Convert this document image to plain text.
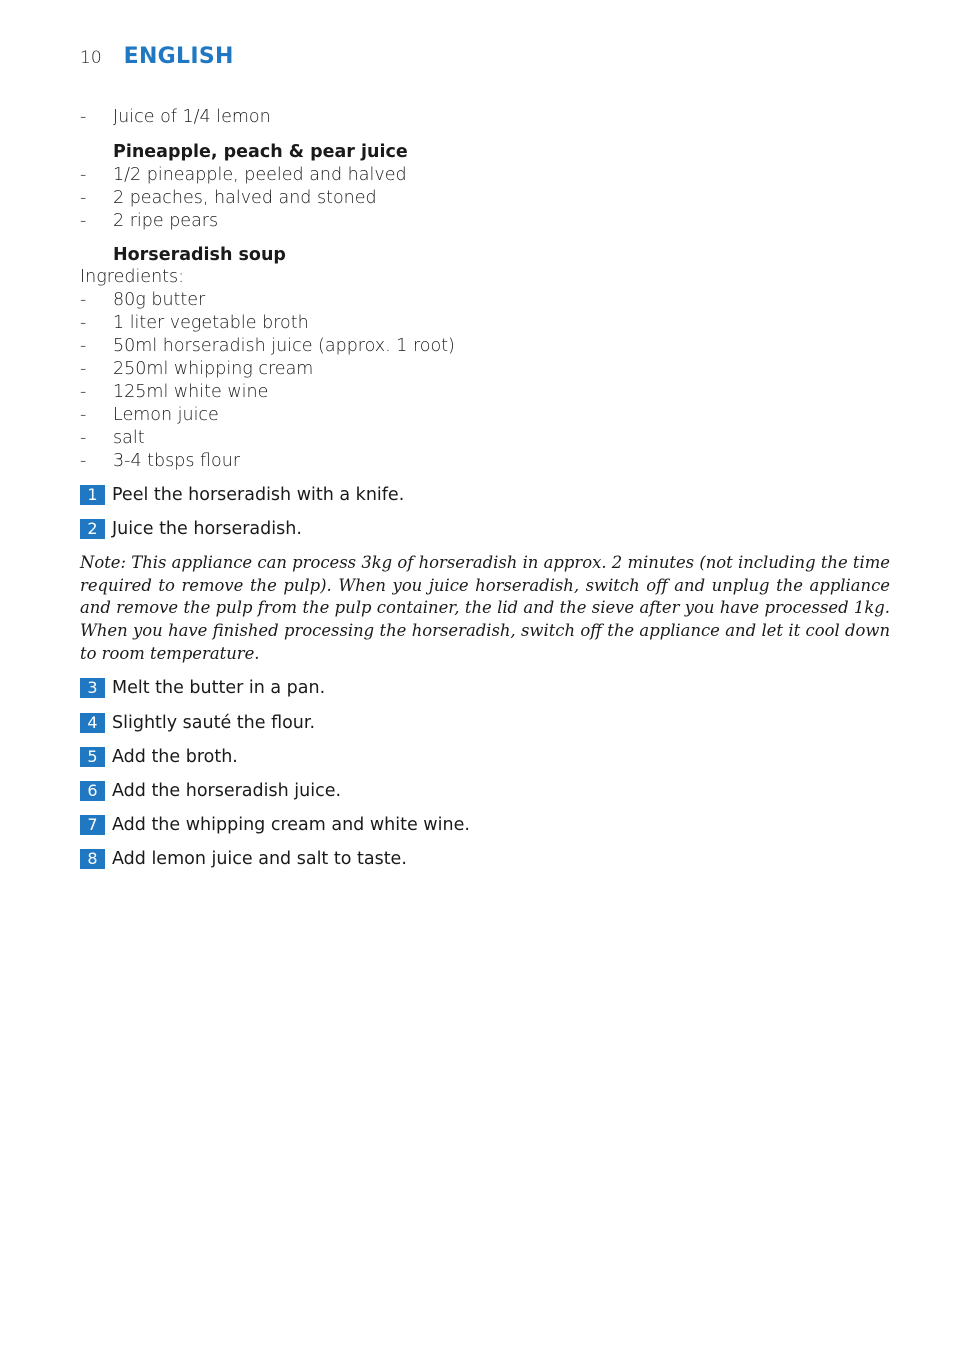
10 ENGLISH
-	Juice of 1/4 lemon
Pineapple, peach & pear juice
-	1/2 pineapple, peeled and halved
-	2 peaches, halved and stoned
-	2 ripe pears
Horseradish soup
Ingredients:
-	80g butter
-	1 liter vegetable broth
-	50ml horseradish juice (approx. 1 root)
-	250ml whipping cream
-	125ml white wine
-	Lemon juice
-	salt
-	3-4 tbsps flour
1 Peel the horseradish with a knife.
2 Juice the horseradish.
Note: This appliance can process 3kg of horseradish in approx. 2 minutes (not including the time required to remove the pulp). When you juice horseradish, switch off and unplug the appliance and remove the pulp from the pulp container, the lid and the sieve after you have processed 1kg. When you have finished processing the horseradish, switch off the appliance and let it cool down to room temperature.
3 Melt the butter in a pan.
4 Slightly sauté the flour.
5 Add the broth.
6 Add the horseradish juice.
7 Add the whipping cream and white wine.
8 Add lemon juice and salt to taste.
